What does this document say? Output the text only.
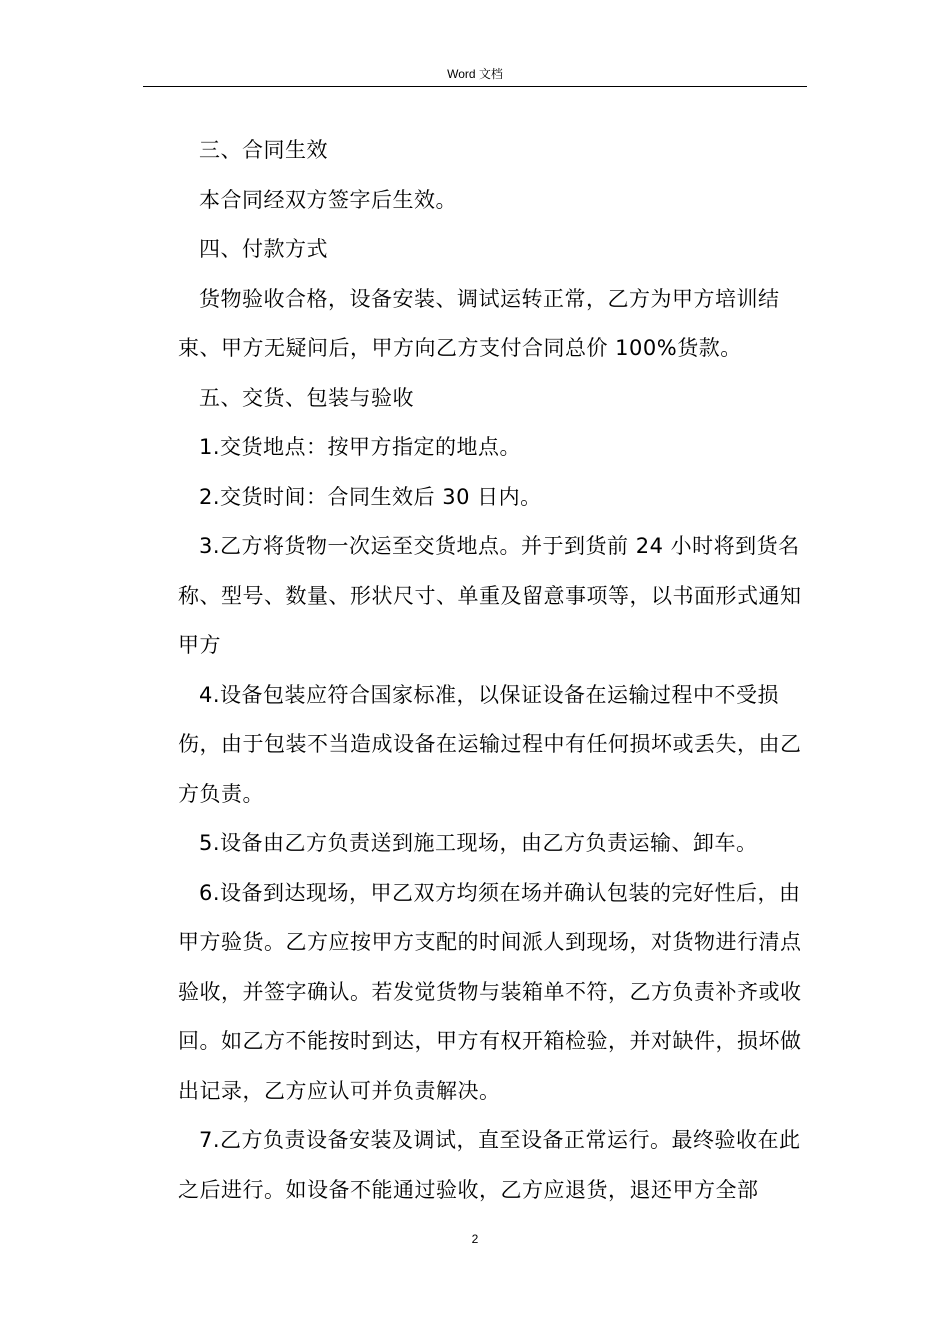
Word 文档

三、合同生效

本合同经双方签字后生效。

四、付款方式

货物验收合格，设备安装、调试运转正常，乙方为甲方培训结束、甲方无疑问后，甲方向乙方支付合同总价 100%货款。

五、交货、包装与验收

1.交货地点：按甲方指定的地点。

2.交货时间：合同生效后 30 日内。

3.乙方将货物一次运至交货地点。并于到货前 24 小时将到货名称、型号、数量、形状尺寸、单重及留意事项等，以书面形式通知甲方

4.设备包装应符合国家标准，以保证设备在运输过程中不受损伤，由于包装不当造成设备在运输过程中有任何损坏或丢失，由乙方负责。

5.设备由乙方负责送到施工现场，由乙方负责运输、卸车。

6.设备到达现场，甲乙双方均须在场并确认包装的完好性后，由甲方验货。乙方应按甲方支配的时间派人到现场，对货物进行清点验收，并签字确认。若发觉货物与装箱单不符，乙方负责补齐或收回。如乙方不能按时到达，甲方有权开箱检验，并对缺件，损坏做出记录，乙方应认可并负责解决。

7.乙方负责设备安装及调试，直至设备正常运行。最终验收在此之后进行。如设备不能通过验收，乙方应退货，退还甲方全部

2
